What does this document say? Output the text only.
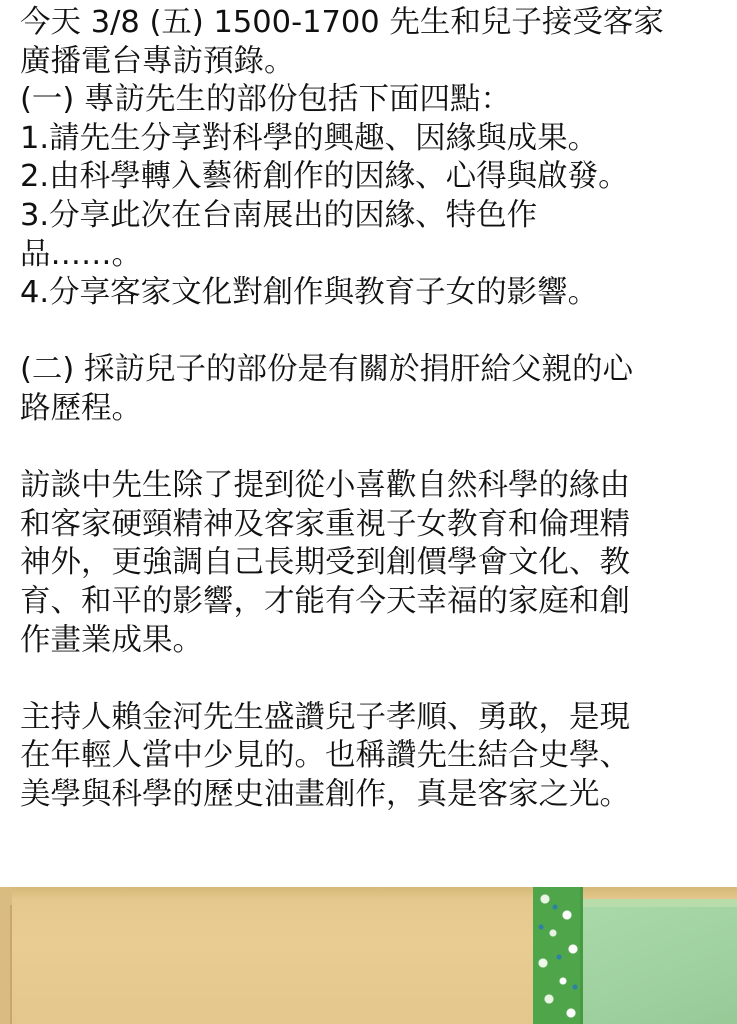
今天 3/8 (五) 1500-1700 先生和兒子接受客家
廣播電台專訪預錄。
(一) 專訪先生的部份包括下面四點：
1.請先生分享對科學的興趣、因緣與成果。
2.由科學轉入藝術創作的因緣、心得與啟發。
3.分享此次在台南展出的因緣、特色作
品……。
4.分享客家文化對創作與教育子女的影響。
(二) 採訪兒子的部份是有關於捐肝給父親的心
路歷程。
訪談中先生除了提到從小喜歡自然科學的緣由
和客家硬頸精神及客家重視子女教育和倫理精
神外，更強調自己長期受到創價學會文化、教
育、和平的影響，才能有今天幸福的家庭和創
作畫業成果。
主持人賴金河先生盛讚兒子孝順、勇敢，是現
在年輕人當中少見的。也稱讚先生結合史學、
美學與科學的歷史油畫創作，真是客家之光。
